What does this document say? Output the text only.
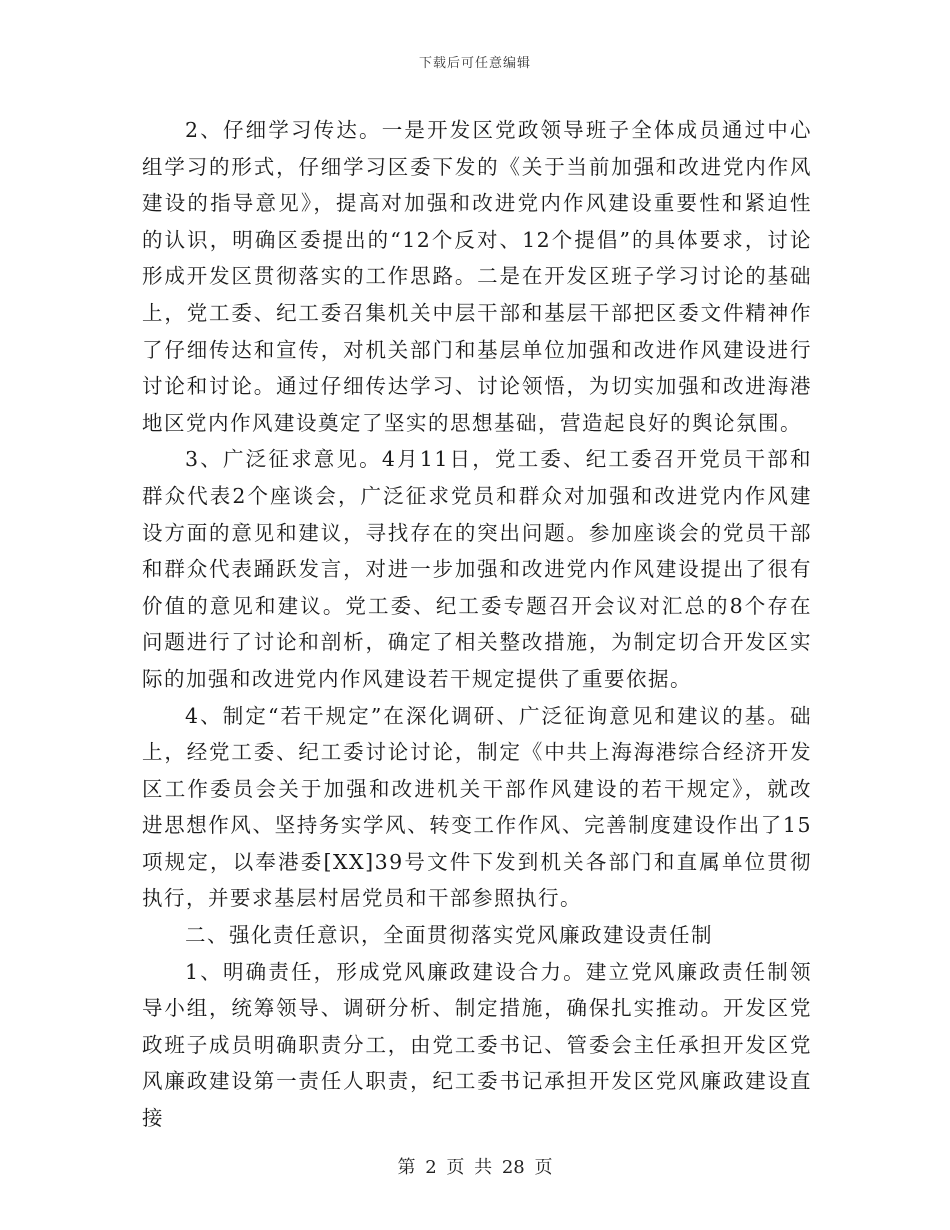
下载后可任意编辑

2、仔细学习传达。一是开发区党政领导班子全体成员通过中心组学习的形式，仔细学习区委下发的《关于当前加强和改进党内作风建设的指导意见》，提高对加强和改进党内作风建设重要性和紧迫性的认识，明确区委提出的“12个反对、12个提倡”的具体要求，讨论形成开发区贯彻落实的工作思路。二是在开发区班子学习讨论的基础上，党工委、纪工委召集机关中层干部和基层干部把区委文件精神作了仔细传达和宣传，对机关部门和基层单位加强和改进作风建设进行讨论和讨论。通过仔细传达学习、讨论领悟，为切实加强和改进海港地区党内作风建设奠定了坚实的思想基础，营造起良好的舆论氛围。

3、广泛征求意见。4月11日，党工委、纪工委召开党员干部和群众代表2个座谈会，广泛征求党员和群众对加强和改进党内作风建设方面的意见和建议，寻找存在的突出问题。参加座谈会的党员干部和群众代表踊跃发言，对进一步加强和改进党内作风建设提出了很有价值的意见和建议。党工委、纪工委专题召开会议对汇总的8个存在问题进行了讨论和剖析，确定了相关整改措施，为制定切合开发区实际的加强和改进党内作风建设若干规定提供了重要依据。

4、制定“若干规定”在深化调研、广泛征询意见和建议的基。础上，经党工委、纪工委讨论讨论，制定《中共上海海港综合经济开发区工作委员会关于加强和改进机关干部作风建设的若干规定》，就改进思想作风、坚持务实学风、转变工作作风、完善制度建设作出了15项规定，以奉港委[XX]39号文件下发到机关各部门和直属单位贯彻执行，并要求基层村居党员和干部参照执行。

二、强化责任意识，全面贯彻落实党风廉政建设责任制

1、明确责任，形成党风廉政建设合力。建立党风廉政责任制领导小组，统筹领导、调研分析、制定措施，确保扎实推动。开发区党政班子成员明确职责分工，由党工委书记、管委会主任承担开发区党风廉政建设第一责任人职责，纪工委书记承担开发区党风廉政建设直接

第 2 页 共 28 页
